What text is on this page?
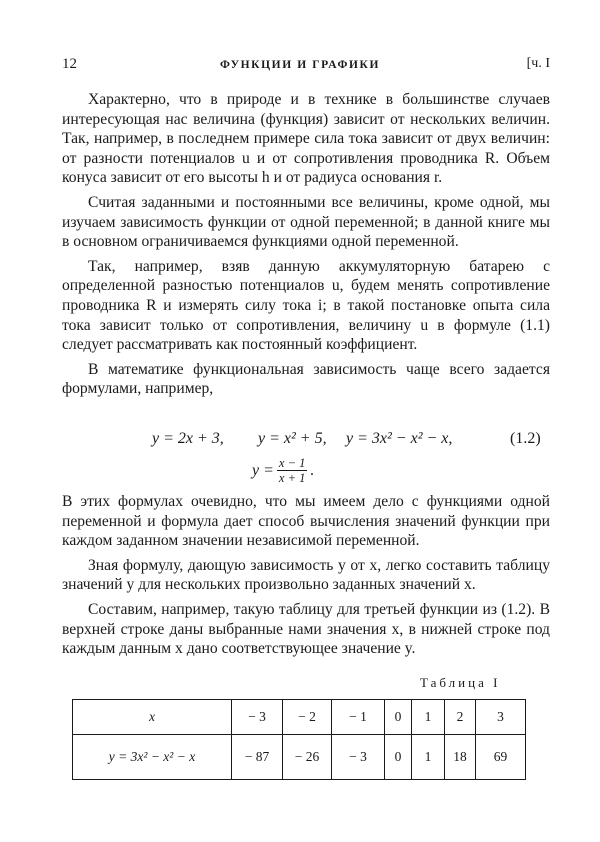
12	ФУНКЦИИ И ГРАФИКИ	[ч. I

Характерно, что в природе и в технике в большинстве случаев интересующая нас величина (функция) зависит от нескольких величин. Так, например, в последнем примере сила тока зависит от двух величин: от разности потенциалов u и от сопротивления проводника R. Объем конуса зависит от его высоты h и от радиуса основания r.

Считая заданными и постоянными все величины, кроме одной, мы изучаем зависимость функции от одной переменной; в данной книге мы в основном ограничиваемся функциями одной переменной.

Так, например, взяв данную аккумуляторную батарею с определенной разностью потенциалов u, будем менять сопротивление проводника R и измерять силу тока i; в такой постановке опыта сила тока зависит только от сопротивления, величину u в формуле (1.1) следует рассматривать как постоянный коэффициент.

В математике функциональная зависимость чаще всего задается формулами, например,

y = 2x + 3, y = x² + 5, y = 3x² − x² − x,	(1.2)
$y = \frac{x - 1}{x + 1}$ .

В этих формулах очевидно, что мы имеем дело с функциями одной переменной и формула дает способ вычисления значений функции при каждом заданном значении независимой переменной.

Зная формулу, дающую зависимость y от x, легко составить таблицу значений y для нескольких произвольно заданных значений x.

Составим, например, такую таблицу для третьей функции из (1.2). В верхней строке даны выбранные нами значения x, в нижней строке под каждым данным x дано соответствующее значение y.

Таблица I
x	− 3	− 2	− 1	0	1	2	3
y = 3x² − x² − x	− 87	− 26	− 3	0	1	18	69
